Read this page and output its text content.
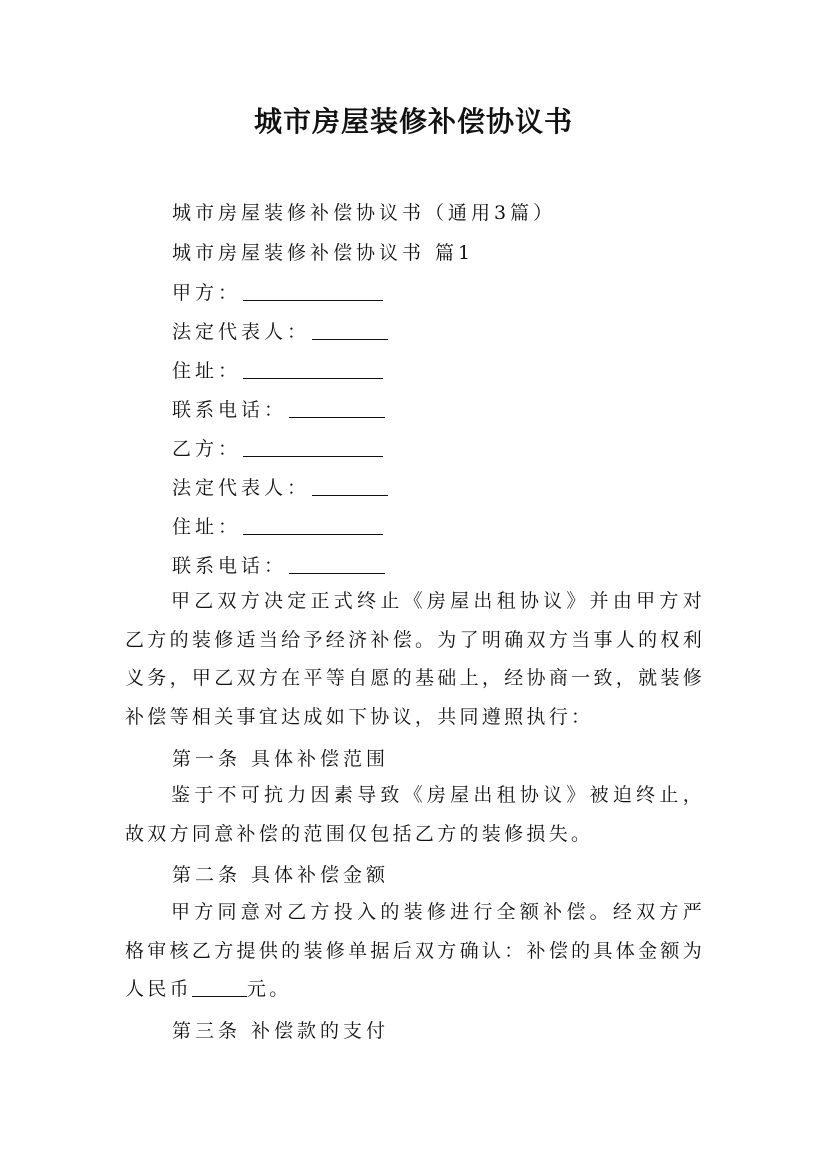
城市房屋装修补偿协议书
城市房屋装修补偿协议书（通用3篇）
城市房屋装修补偿协议书 篇1
甲方：
法定代表人：
住址：
联系电话：
乙方：
法定代表人：
住址：
联系电话：
甲乙双方决定正式终止《房屋出租协议》并由甲方对乙方的装修适当给予经济补偿。为了明确双方当事人的权利义务，甲乙双方在平等自愿的基础上，经协商一致，就装修补偿等相关事宜达成如下协议，共同遵照执行：
第一条 具体补偿范围
鉴于不可抗力因素导致《房屋出租协议》被迫终止，故双方同意补偿的范围仅包括乙方的装修损失。
第二条 具体补偿金额
甲方同意对乙方投入的装修进行全额补偿。经双方严格审核乙方提供的装修单据后双方确认：补偿的具体金额为人民币	元。
第三条 补偿款的支付
